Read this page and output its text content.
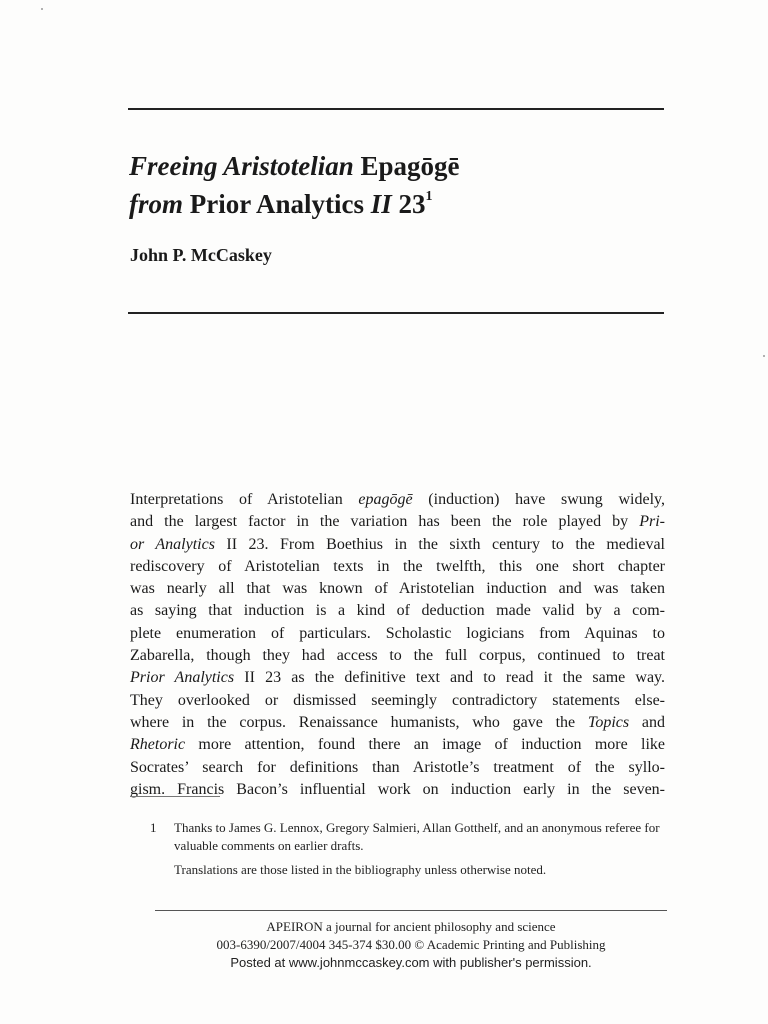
Freeing Aristotelian Epagōgē
from Prior Analytics II $23^1$
John P. McCaskey
Interpretations of Aristotelian epagōgē (induction) have swung widely,
and the largest factor in the variation has been the role played by Pri-
or Analytics II 23. From Boethius in the sixth century to the medieval
rediscovery of Aristotelian texts in the twelfth, this one short chapter
was nearly all that was known of Aristotelian induction and was taken
as saying that induction is a kind of deduction made valid by a com-
plete enumeration of particulars. Scholastic logicians from Aquinas to
Zabarella, though they had access to the full corpus, continued to treat
Prior Analytics II 23 as the definitive text and to read it the same way.
They overlooked or dismissed seemingly contradictory statements else-
where in the corpus. Renaissance humanists, who gave the Topics and
Rhetoric more attention, found there an image of induction more like
Socrates’ search for definitions than Aristotle’s treatment of the syllo-
gism. Francis Bacon’s influential work on induction early in the seven-
1 Thanks to James G. Lennox, Gregory Salmieri, Allan Gotthelf, and an anonymous referee for valuable comments on earlier drafts.
Translations are those listed in the bibliography unless otherwise noted.
APEIRON a journal for ancient philosophy and science
003-6390/2007/4004 345-374 $30.00 © Academic Printing and Publishing
Posted at www.johnmccaskey.com with publisher's permission.
